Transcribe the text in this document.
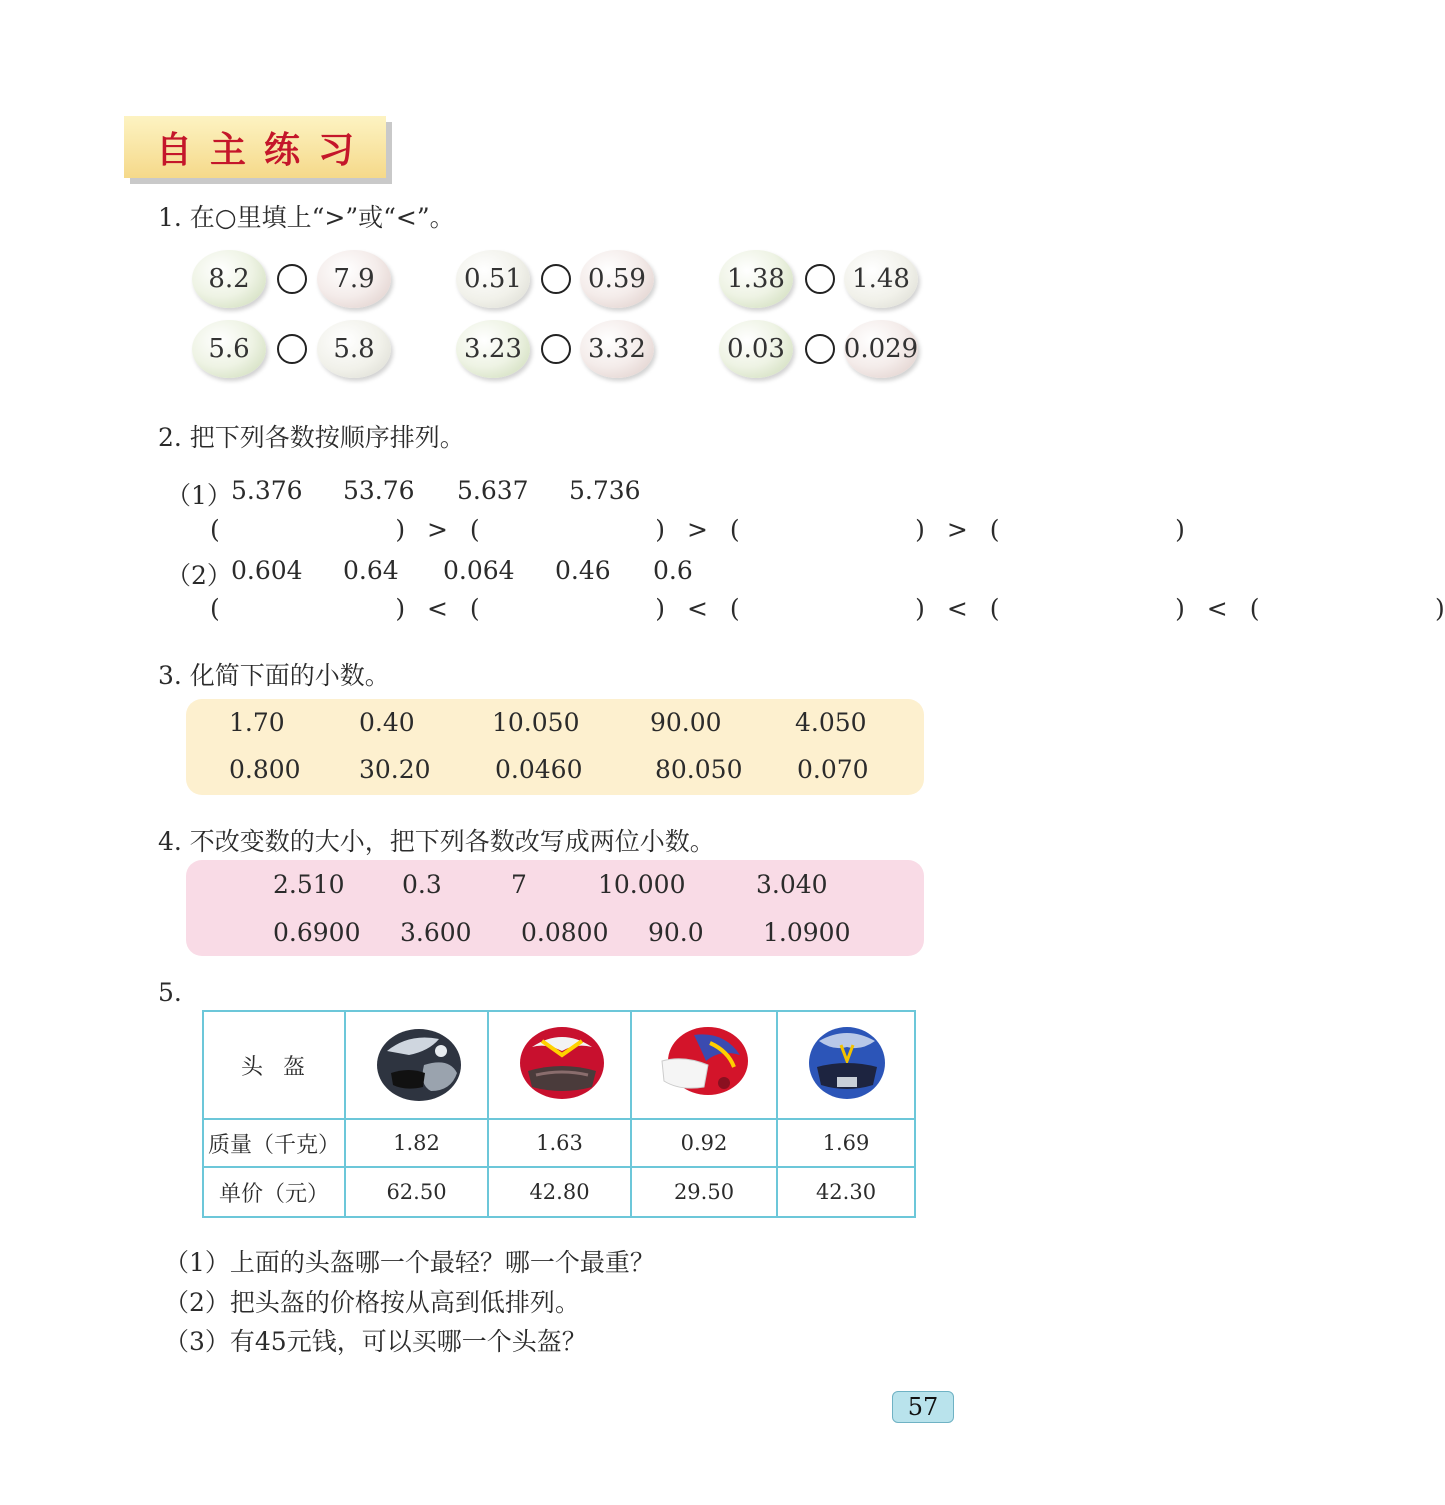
自主练习
1. 在○里填上“>”或“<”。
8.2	7.9	0.51	0.59	1.38	1.48
5.6	5.8	3.23	3.32	0.03	0.029
2. 把下列各数按顺序排列。
（1） 5.376 53.76 5.637 5.736
(        ) > (        ) > (        ) > (        )
（2） 0.604 0.64 0.064 0.46 0.6
(        ) < (        ) < (        ) < (        ) < (        )
3. 化简下面的小数。
1.70	0.40	10.050	90.00	4.050
0.800 30.20	0.0460	80.050 0.070
4. 不改变数的大小，把下列各数改写成两位小数。
2.510 0.3	7	10.000	3.040
0.6900 3.600 0.0800 90.0 1.0900
5.
头  盔				
质量（千克）	1.82	1.63	0.92	1.69
单价（元）	62.50	42.80	29.50	42.30
（1）上面的头盔哪一个最轻？哪一个最重？
（2）把头盔的价格按从高到低排列。
（3）有45元钱，可以买哪一个头盔？
57
